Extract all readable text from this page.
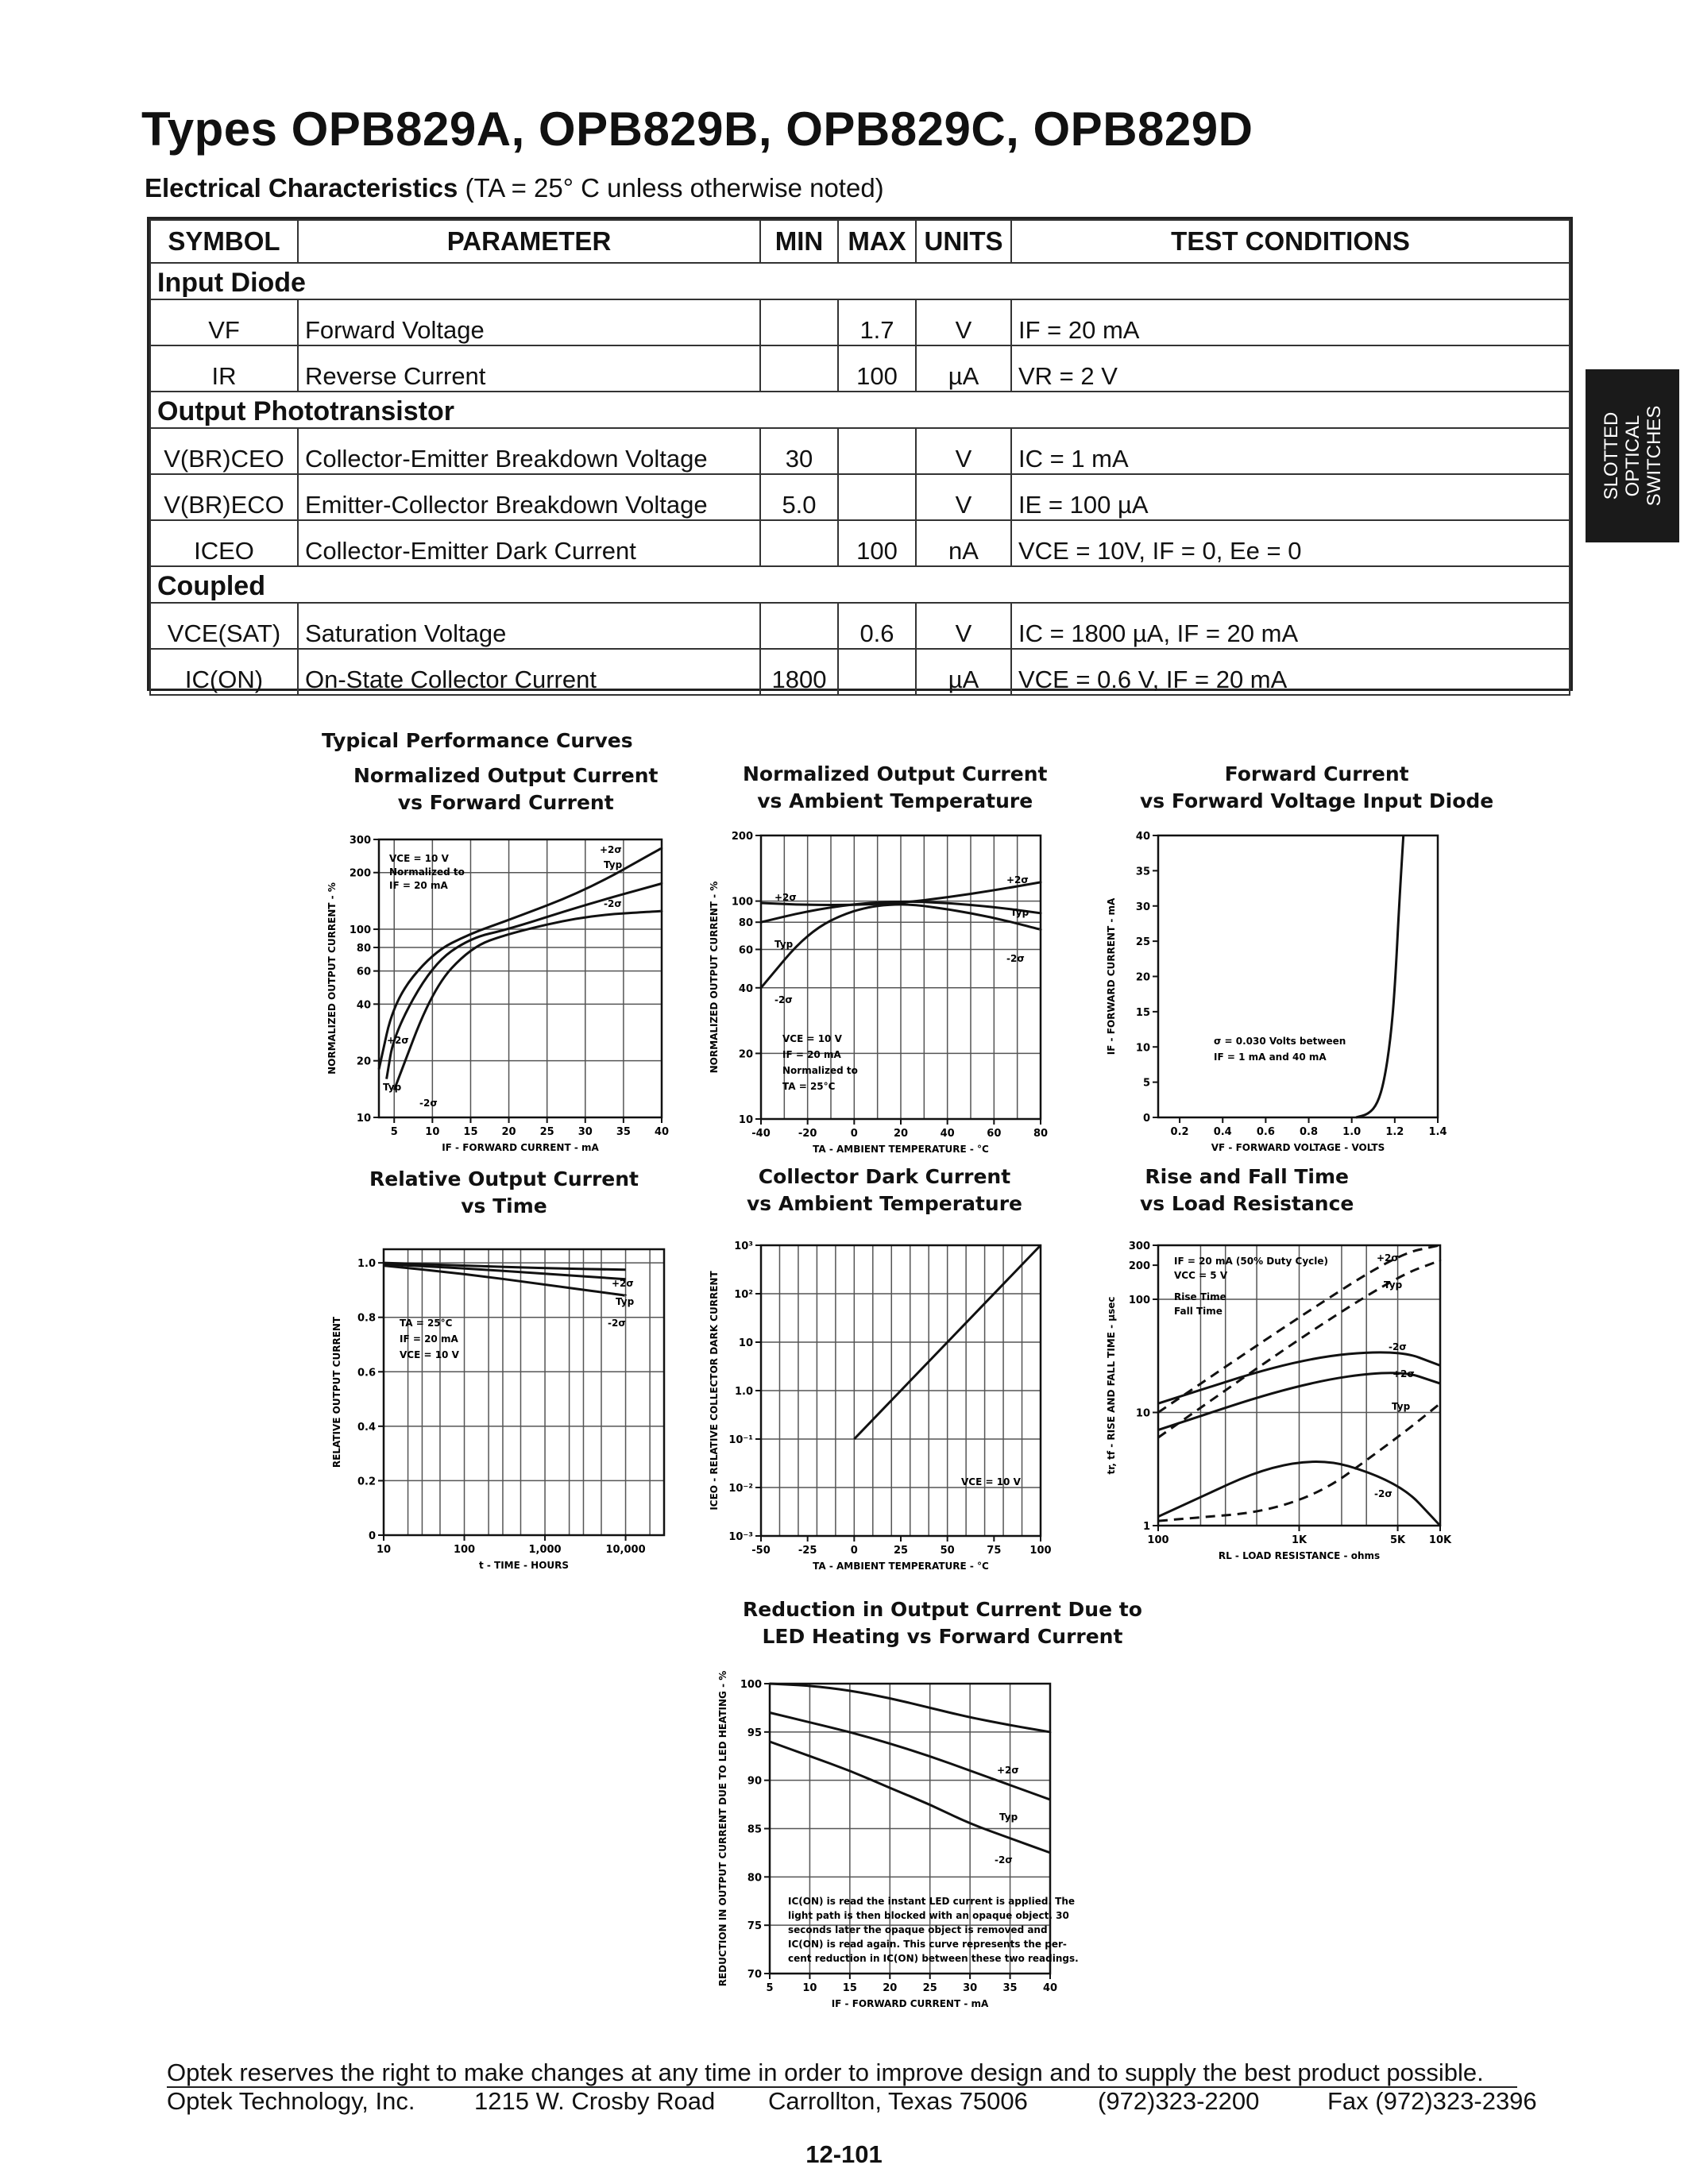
Types OPB829A, OPB829B, OPB829C, OPB829D
Electrical Characteristics (TA = 25° C unless otherwise noted)
SLOTTED OPTICAL SWITCHES
SYMBOL	PARAMETER	MIN	MAX	UNITS	TEST CONDITIONS
Input Diode					
VF	Forward Voltage		1.7	V	IF = 20 mA
IR	Reverse Current		100	µA	VR = 2 V
Output Phototransistor					
V(BR)CEO	Collector-Emitter Breakdown Voltage	30		V	IC = 1 mA
V(BR)ECO	Emitter-Collector Breakdown Voltage	5.0		V	IE = 100 µA
ICEO	Collector-Emitter Dark Current		100	nA	VCE = 10V, IF = 0, Ee = 0
Coupled					
VCE(SAT)	Saturation Voltage		0.6	V	IC = 1800 µA, IF = 20 mA
IC(ON)	On-State Collector Current	1800		µA	VCE = 0.6 V, IF = 20 mA
Typical Performance Curves
Normalized Output Current
vs Forward Current
5	10 15 20 25 30 35 40
10
20
40
60
80
100
200
300
IF - FORWARD CURRENT - mA
NORMALIZED OUTPUT CURRENT - %
VCE = 10 V
Normalized to
IF = 20 mA
+2σ
Typ
-2σ
+2σ
Typ
-2σ
Normalized Output Current
vs Ambient Temperature
-40	-20	0	20	40	60	80
10
20
40
60
80
100
200
TA - AMBIENT TEMPERATURE - °C
NORMALIZED OUTPUT CURRENT - %	+2σ
Typ
-2σ
+2σ
Typ
-2σ
VCE = 10 V
IF = 20 mA
Normalized to
TA = 25°C
Forward Current
vs Forward Voltage Input Diode
0.2 0.4 0.6 0.8 1.0 1.2 1.4
0
5
10
15
20
25
30
35
40
VF - FORWARD VOLTAGE - VOLTS
IF - FORWARD CURRENT - mA	σ = 0.030 Volts between
IF = 1 mA and 40 mA
Relative Output Current
vs Time
10	100	1,000	10,000
0
0.2
0.4
0.6
0.8
1.0
t - TIME - HOURS
RELATIVE OUTPUT CURRENT	TA = 25°C
IF = 20 mA
VCE = 10 V
+2σ
Typ
-2σ
Collector Dark Current
vs Ambient Temperature
-50	-25	0	25	50	75	100
10⁻³
10⁻²
10⁻¹
1.0
10
10²
10³
TA - AMBIENT TEMPERATURE - °C
ICEO - RELATIVE COLLECTOR DARK CURRENT	VCE = 10 V
Rise and Fall Time
vs Load Resistance
100	1K	5K 10K
1
10
100
200
300
RL - LOAD RESISTANCE - ohms
tr, tf - RISE AND FALL TIME - µsec
IF = 20 mA (50% Duty Cycle)
VCC = 5 V
Rise Time
Fall Time
+2σ
Typ
-2σ
+2σ
Typ
-2σ
Reduction in Output Current Due to
LED Heating vs Forward Current
5	10 15 20 25 30 35 40
70
75
80
85
90
95
100
IF - FORWARD CURRENT - mA
REDUCTION IN OUTPUT CURRENT DUE TO LED HEATING - %	+2σ
Typ
-2σ
IC(ON) is read the instant LED current is applied. The
light path is then blocked with an opaque object. 30
seconds later the opaque object is removed and
IC(ON) is read again. This curve represents the per-
cent reduction in IC(ON) between these two readings.
Optek reserves the right to make changes at any time in order to improve design and to supply the best product possible.
Optek Technology, Inc. 1215 W. Crosby Road Carrollton, Texas 75006	(972)323-2200	Fax (972)323-2396
12-101
